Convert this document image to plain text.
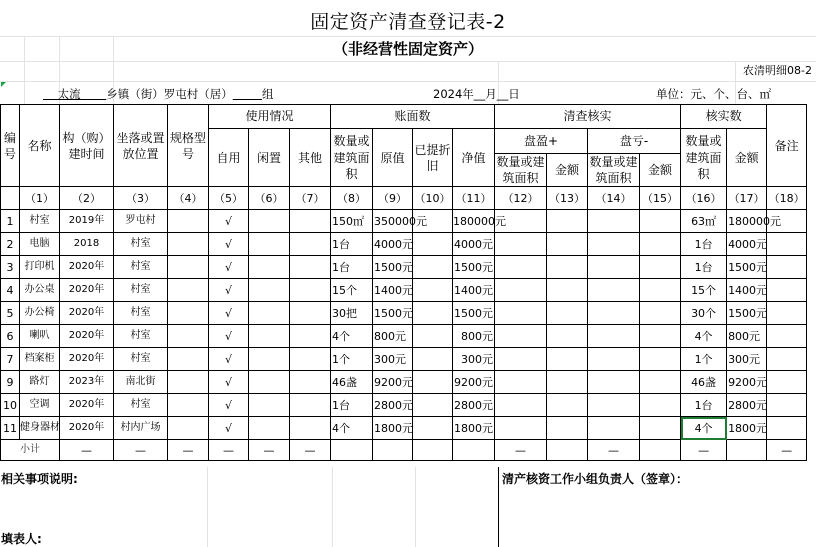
固定资产清查登记表-2
（非经营性固定资产）
农清明细08-2
太流 乡镇（街）罗屯村（居）	组	2024年__月__日	单位：元、个、台、㎡
编号	名称	构（购）建时间	坐落或置放位置	规格型号	使用情况			账面数				清查核实				核实数		备注	
					自用	闲置	其他	数量或建筑面积	原值	已提折旧	净值	盘盈+		盘亏-		数量或建筑面积	金额		
												数量或建筑面积	金额	数量或建筑面积	金额				
	（1）	（2）	（3）	（4）	（5）	（6）	（7）	（8）	（9）	（10）	（11）	（12）	（13）	（14）	（15）	（16）	（17）	（18）	
1	村室	2019年	罗屯村		√			150㎡	350000元		180000元					63㎡	180000元		
2	电脑	2018	村室		√			1台	4000元		4000元					1台	4000元		
3	打印机	2020年	村室		√			1台	1500元		1500元					1台	1500元		
4	办公桌	2020年	村室		√			15个	1400元		1400元					15个	1400元		
5	办公椅	2020年	村室		√			30把	1500元		1500元					30个	1500元		
6	喇叭	2020年	村室		√			4个	800元		800元					4个	800元		
7	档案柜	2020年	村室		√			1个	300元		300元					1个	300元		
9	路灯	2023年	南北街		√			46盏	9200元		9200元					46盏	9200元		
10	空调	2020年	村室		√			1台	2800元		2800元					1台	2800元		
11	健身器材	2020年	村内广场		√			4个	1800元		1800元					4个	1800元		
小计		—	—	—	—	—	—					—		—		—		—	
相关事项说明:	清产核资工作小组负责人（签章）：
填表人:
